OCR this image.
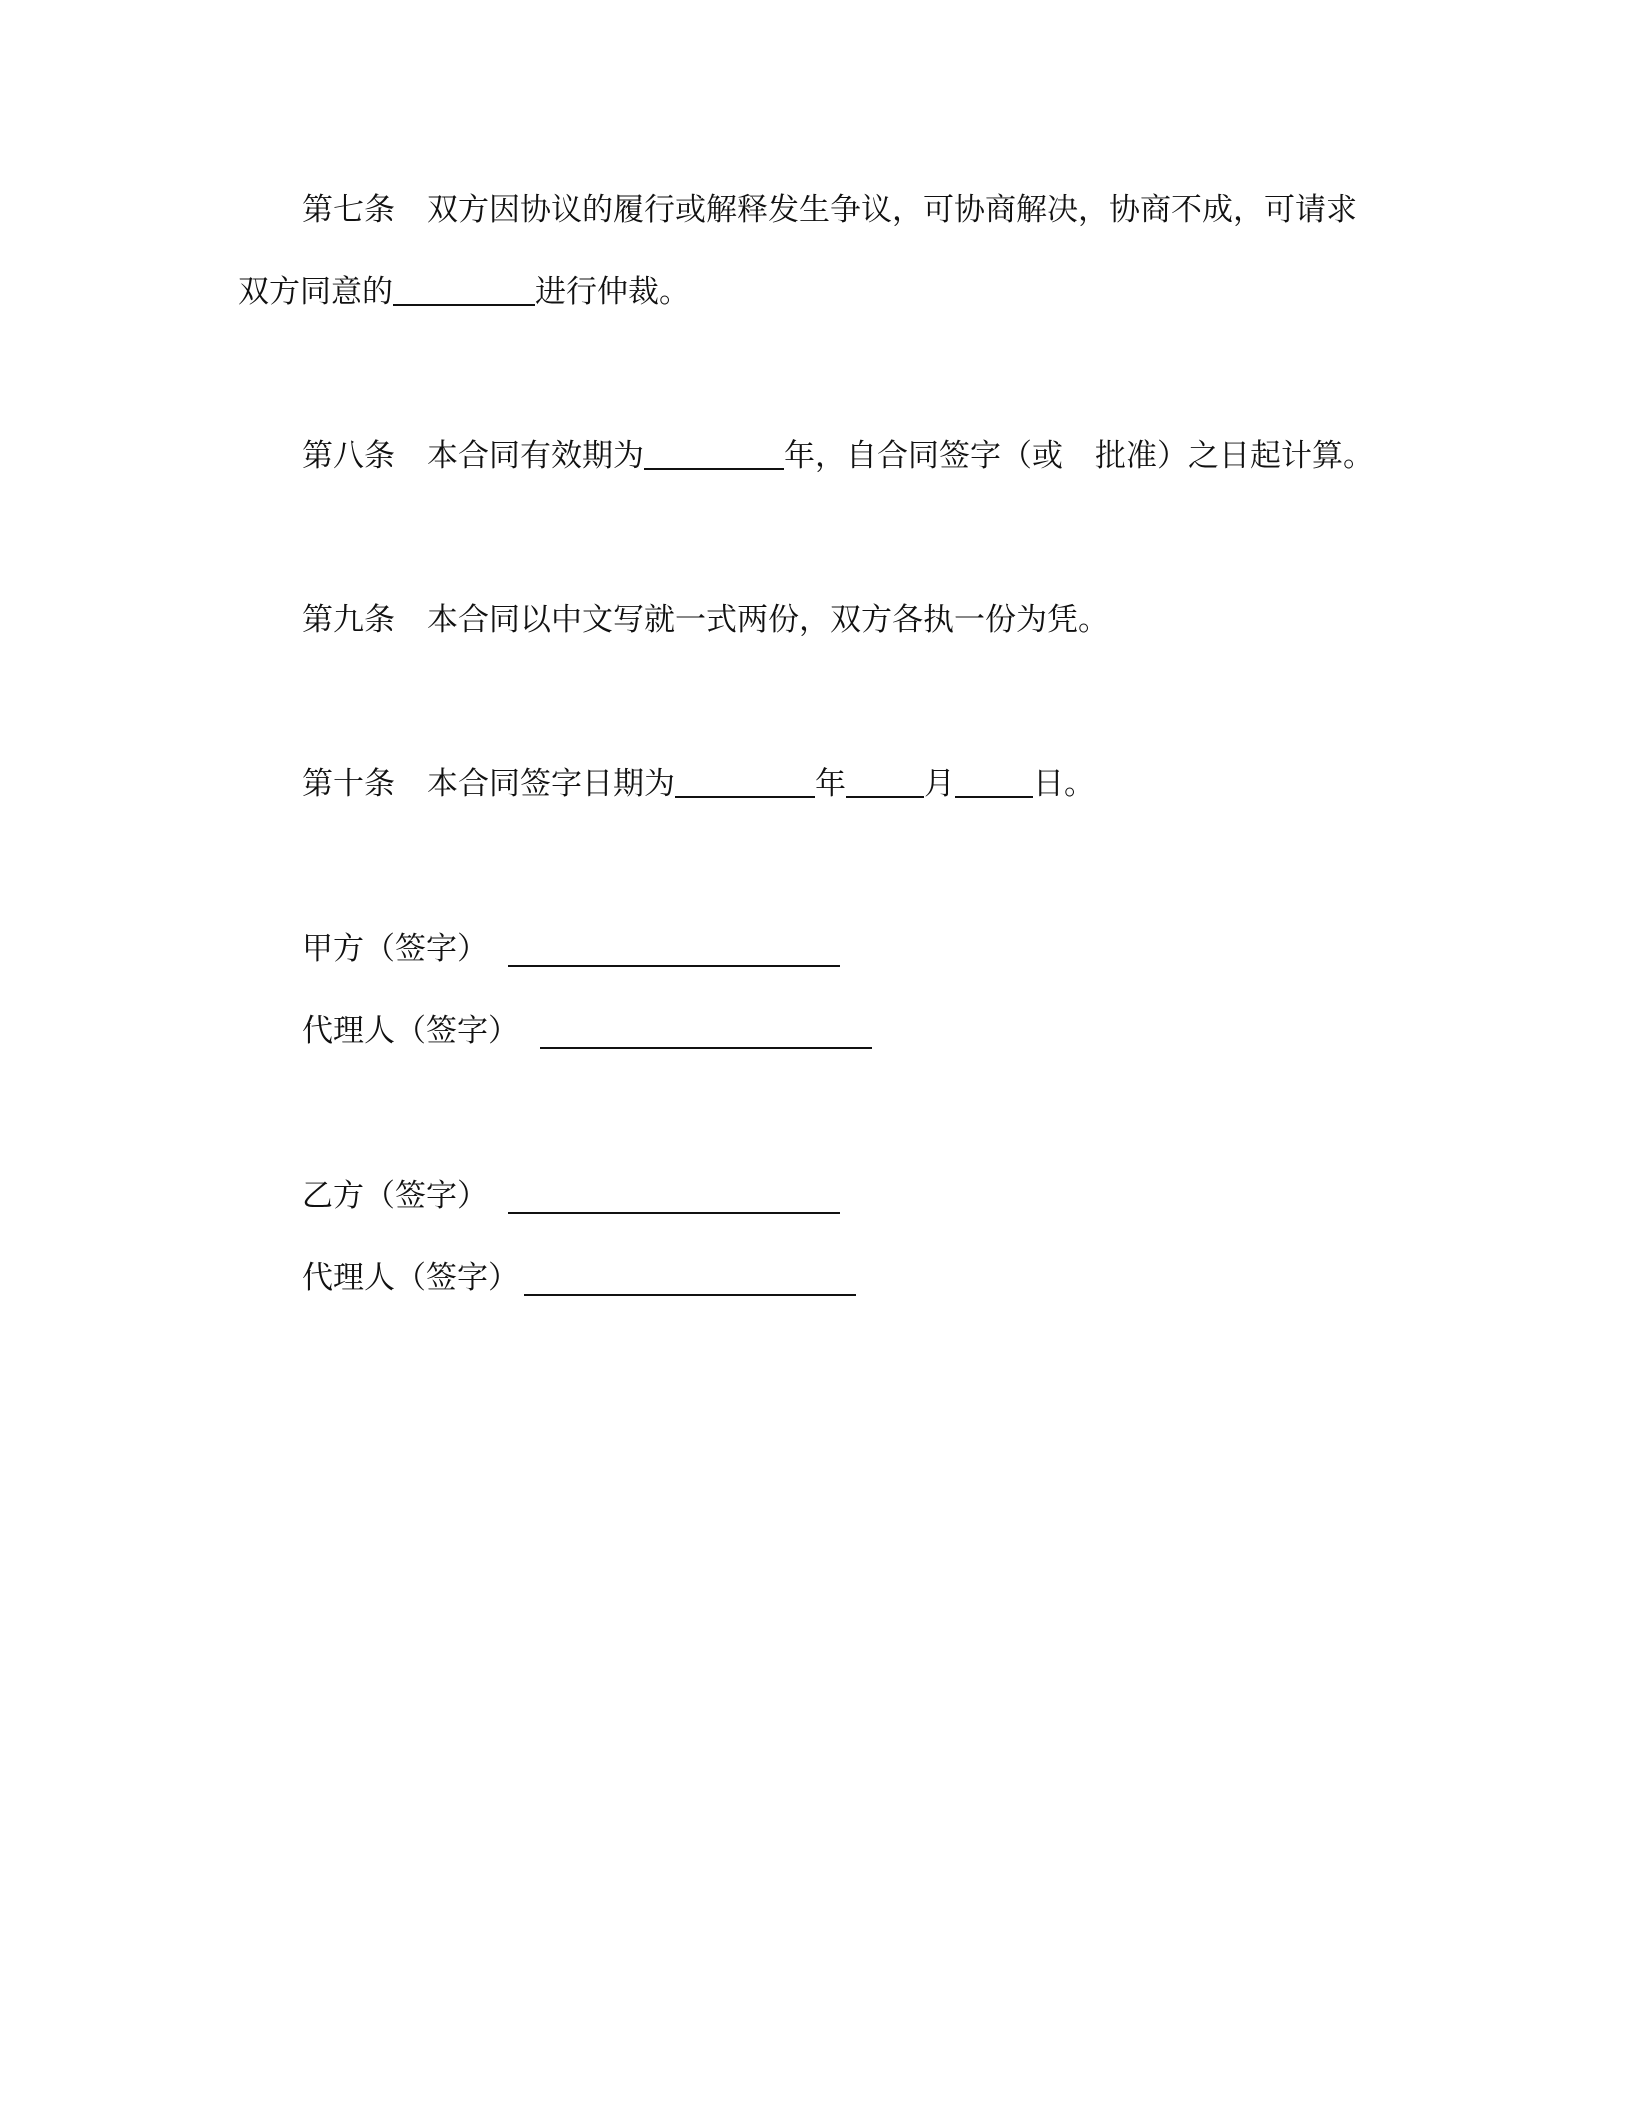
第七条 双方因协议的履行或解释发生争议，可协商解决，协商不成，可请求
双方同意的	进行仲裁。
第八条 本合同有效期为	年，自合同签字（或 批准）之日起计算。
第九条 本合同以中文写就一式两份，双方各执一份为凭。
第十条 本合同签字日期为	年	月	日。
甲方（签字）
代理人（签字）
乙方（签字）
代理人（签字）
